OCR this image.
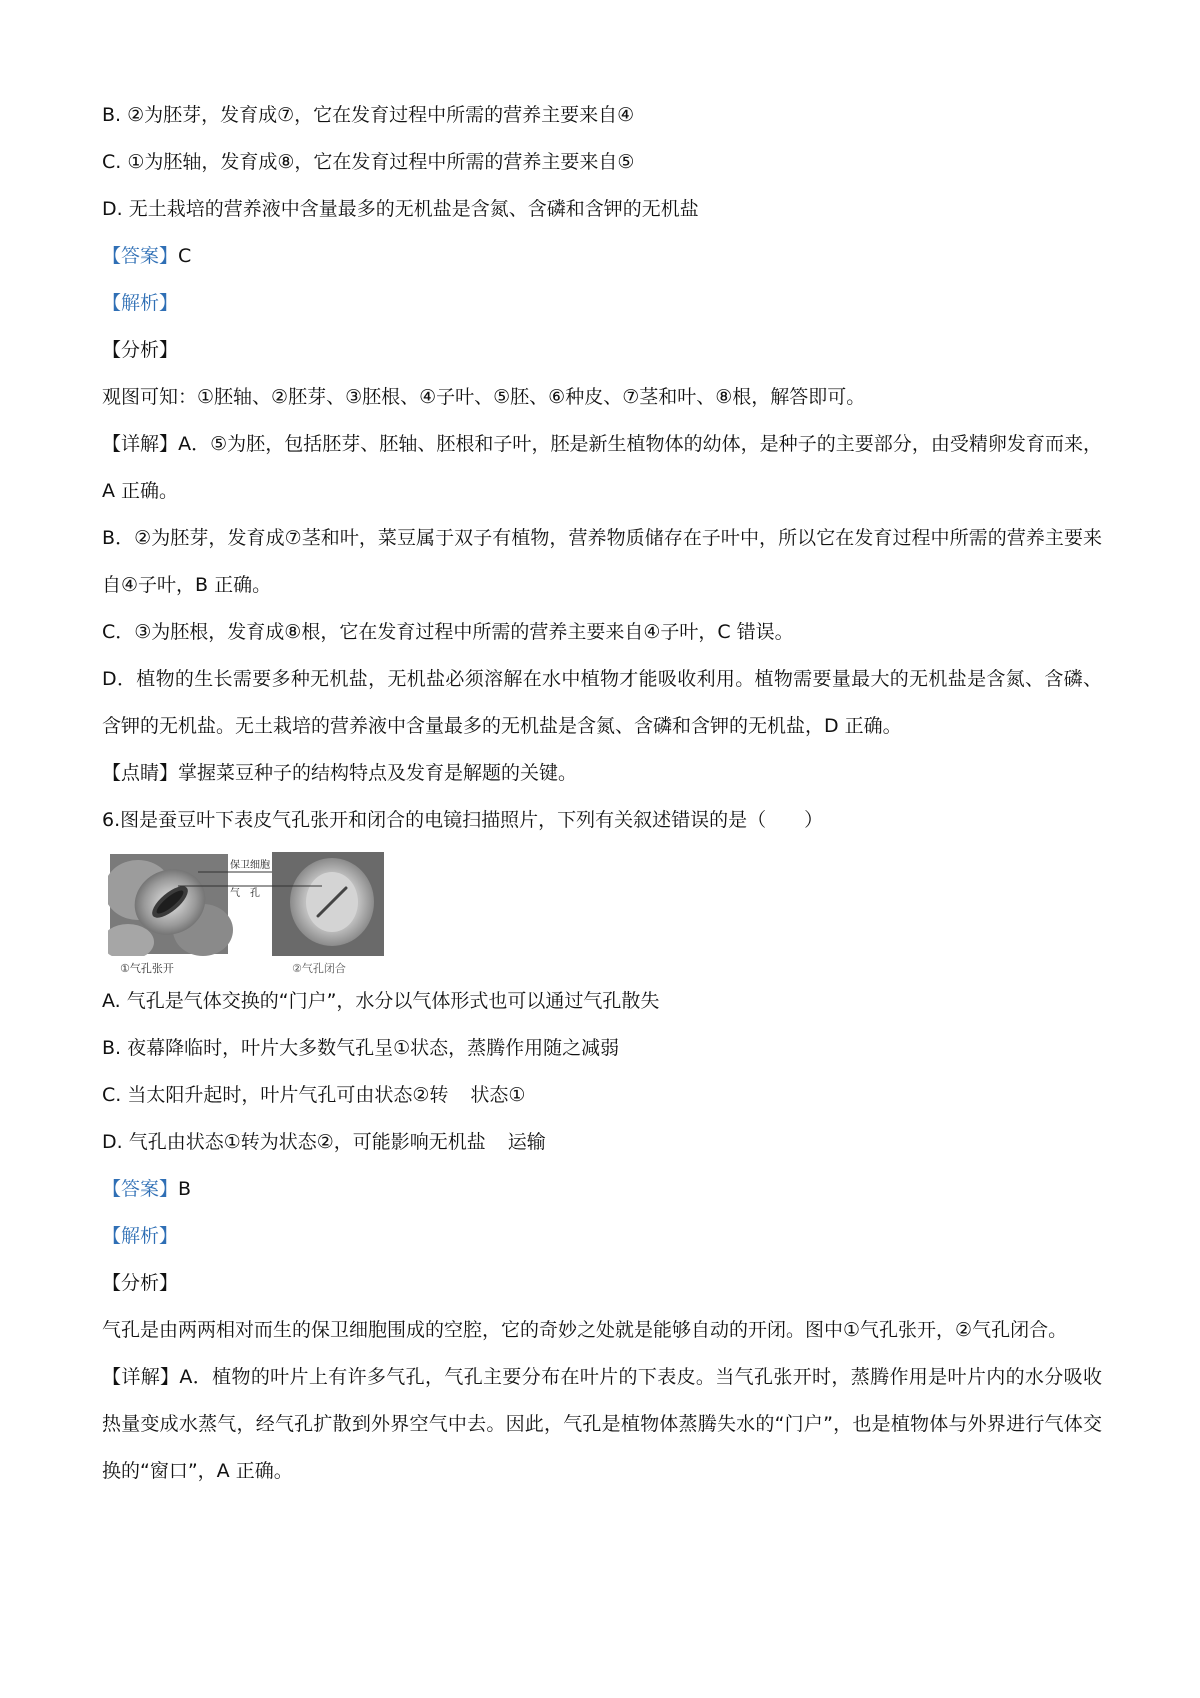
B. ②为胚芽，发育成⑦，它在发育过程中所需的营养主要来自④
C. ①为胚轴，发育成⑧，它在发育过程中所需的营养主要来自⑤
D. 无土栽培的营养液中含量最多的无机盐是含氮、含磷和含钾的无机盐
【答案】C
【解析】
【分析】
观图可知：①胚轴、②胚芽、③胚根、④子叶、⑤胚、⑥种皮、⑦茎和叶、⑧根，解答即可。
【详解】A．⑤为胚，包括胚芽、胚轴、胚根和子叶，胚是新生植物体的幼体，是种子的主要部分，由受精卵发育而来，A 正确。
B．②为胚芽，发育成⑦茎和叶，菜豆属于双子有植物，营养物质储存在子叶中，所以它在发育过程中所需的营养主要来自④子叶，B 正确。
C．③为胚根，发育成⑧根，它在发育过程中所需的营养主要来自④子叶，C 错误。
D．植物的生长需要多种无机盐，无机盐必须溶解在水中植物才能吸收利用。植物需要量最大的无机盐是含氮、含磷、含钾的无机盐。无土栽培的营养液中含量最多的无机盐是含氮、含磷和含钾的无机盐，D 正确。
【点睛】掌握菜豆种子的结构特点及发育是解题的关键。
6.图是蚕豆叶下表皮气孔张开和闭合的电镜扫描照片，下列有关叙述错误的是（　　）
保卫细胞
气　孔
①气孔张开	②气孔闭合
A. 气孔是气体交换的“门户”，水分以气体形式也可以通过气孔散失
B. 夜幕降临时，叶片大多数气孔呈①状态，蒸腾作用随之减弱
C. 当太阳升起时，叶片气孔可由状态②转 状态①
D. 气孔由状态①转为状态②，可能影响无机盐 运输
【答案】B
【解析】
【分析】
气孔是由两两相对而生的保卫细胞围成的空腔，它的奇妙之处就是能够自动的开闭。图中①气孔张开，②气孔闭合。
【详解】A．植物的叶片上有许多气孔，气孔主要分布在叶片的下表皮。当气孔张开时，蒸腾作用是叶片内的水分吸收热量变成水蒸气，经气孔扩散到外界空气中去。因此，气孔是植物体蒸腾失水的“门户”，也是植物体与外界进行气体交换的“窗口”，A 正确。
